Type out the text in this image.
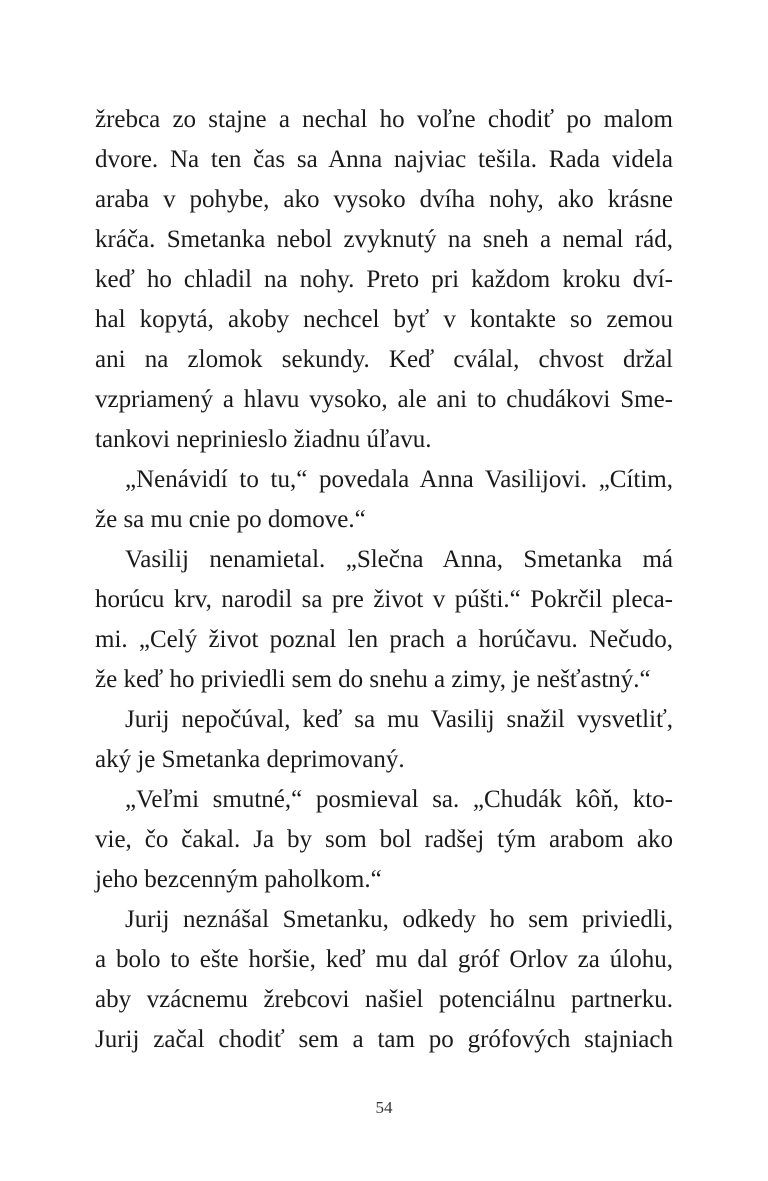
žrebca zo stajne a nechal ho voľne chodiť po malom
dvore. Na ten čas sa Anna najviac tešila. Rada videla
araba v pohybe, ako vysoko dvíha nohy, ako krásne
kráča. Smetanka nebol zvyknutý na sneh a nemal rád,
keď ho chladil na nohy. Preto pri každom kroku dví-
hal kopytá, akoby nechcel byť v kontakte so zemou
ani na zlomok sekundy. Keď cválal, chvost držal
vzpriamený a hlavu vysoko, ale ani to chudákovi Sme-
tankovi neprinieslo žiadnu úľavu.
„Nenávidí to tu,“ povedala Anna Vasilijovi. „Cítim,
že sa mu cnie po domove.“
Vasilij nenamietal. „Slečna Anna, Smetanka má
horúcu krv, narodil sa pre život v púšti.“ Pokrčil pleca-
mi. „Celý život poznal len prach a horúčavu. Nečudo,
že keď ho priviedli sem do snehu a zimy, je nešťastný.“
Jurij nepočúval, keď sa mu Vasilij snažil vysvetliť,
aký je Smetanka deprimovaný.
„Veľmi smutné,“ posmieval sa. „Chudák kôň, kto-
vie, čo čakal. Ja by som bol radšej tým arabom ako
jeho bezcenným paholkom.“
Jurij neznášal Smetanku, odkedy ho sem priviedli,
a bolo to ešte horšie, keď mu dal gróf Orlov za úlohu,
aby vzácnemu žrebcovi našiel potenciálnu partnerku.
Jurij začal chodiť sem a tam po grófových stajniach
54
